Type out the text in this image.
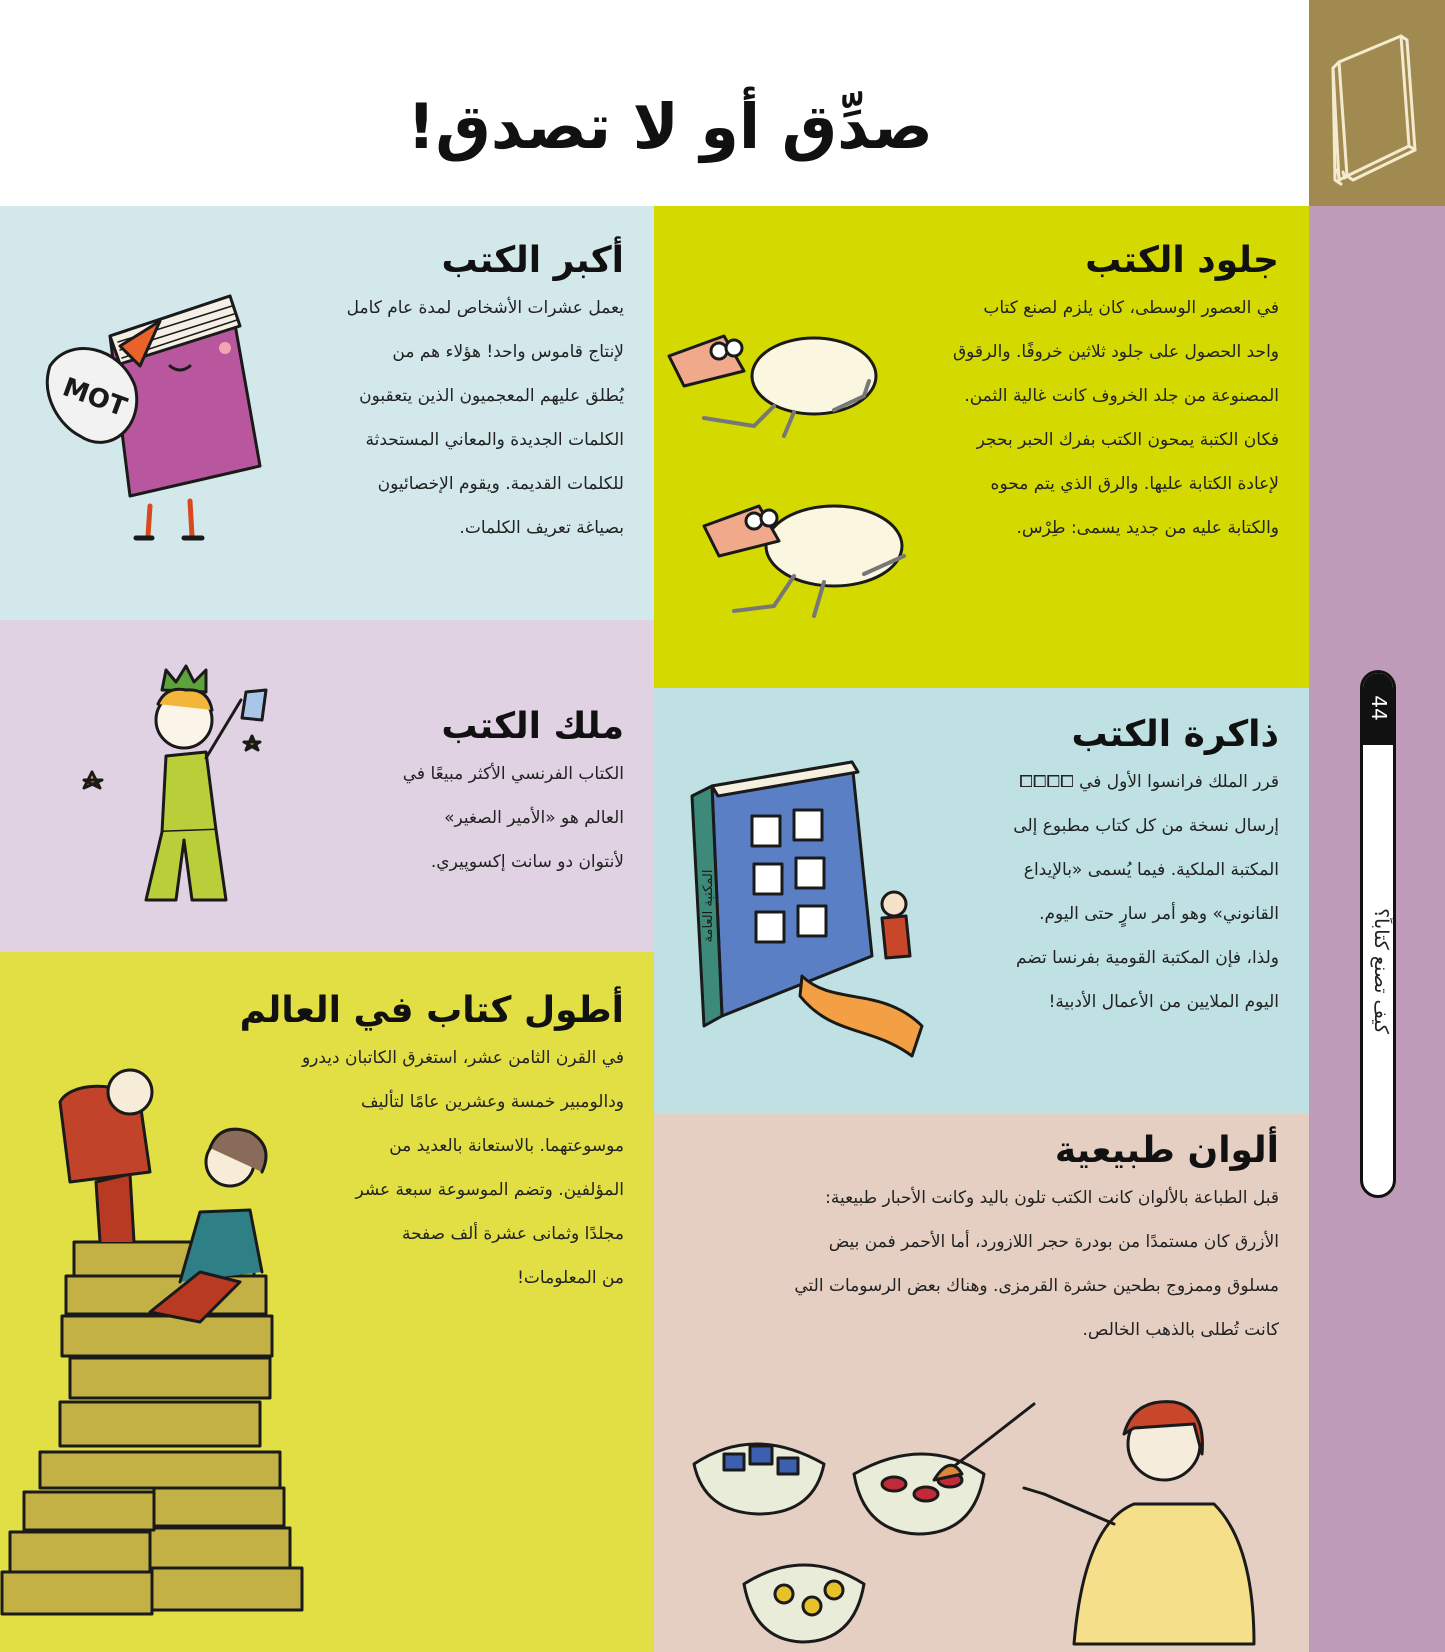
صدِّق أو لا تصدق!
44
كيف تصنع كتاباً؟
أكبر الكتب
يعمل عشرات الأشخاص لمدة عام كامل
لإنتاج قاموس واحد! هؤلاء هم من
يُطلق عليهم المعجميون الذين يتعقبون
الكلمات الجديدة والمعاني المستحدثة
للكلمات القديمة. ويقوم الإخصائيون
بصياغة تعريف الكلمات.
MOT
جلود الكتب
في العصور الوسطى، كان يلزم لصنع كتاب
واحد الحصول على جلود ثلاثين خروفًا. والرقوق
المصنوعة من جلد الخروف كانت غالية الثمن.
فكان الكتبة يمحون الكتب بفرك الحبر بحجر
لإعادة الكتابة عليها. والرق الذي يتم محوه
والكتابة عليه من جديد يسمى: طِرْس.
ملك الكتب
الكتاب الفرنسي الأكثر مبيعًا في
العالم هو «الأمير الصغير»
لأنتوان دو سانت إكسوپيري.
ذاكرة الكتب
قرر الملك فرانسوا الأول في ⧠⧠⧠⧠
إرسال نسخة من كل كتاب مطبوع إلى
المكتبة الملكية. فيما يُسمى «بالإيداع
القانوني» وهو أمر سارٍ حتى اليوم.
ولذا، فإن المكتبة القومية بفرنسا تضم
اليوم الملايين من الأعمال الأدبية!
المكتبة العامة
أطول كتاب في العالم
في القرن الثامن عشر، استغرق الكاتبان ديدرو
ودالومبير خمسة وعشرين عامًا لتأليف
موسوعتهما. بالاستعانة بالعديد من
المؤلفين. وتضم الموسوعة سبعة عشر
مجلدًا وثمانى عشرة ألف صفحة
من المعلومات!
ألوان طبيعية
قبل الطباعة بالألوان كانت الكتب تلون باليد وكانت الأحبار طبيعية:
الأزرق كان مستمدًا من بودرة حجر اللازورد، أما الأحمر فمن بيض
مسلوق وممزوج بطحين حشرة القرمزى. وهناك بعض الرسومات التي
كانت تُطلى بالذهب الخالص.
